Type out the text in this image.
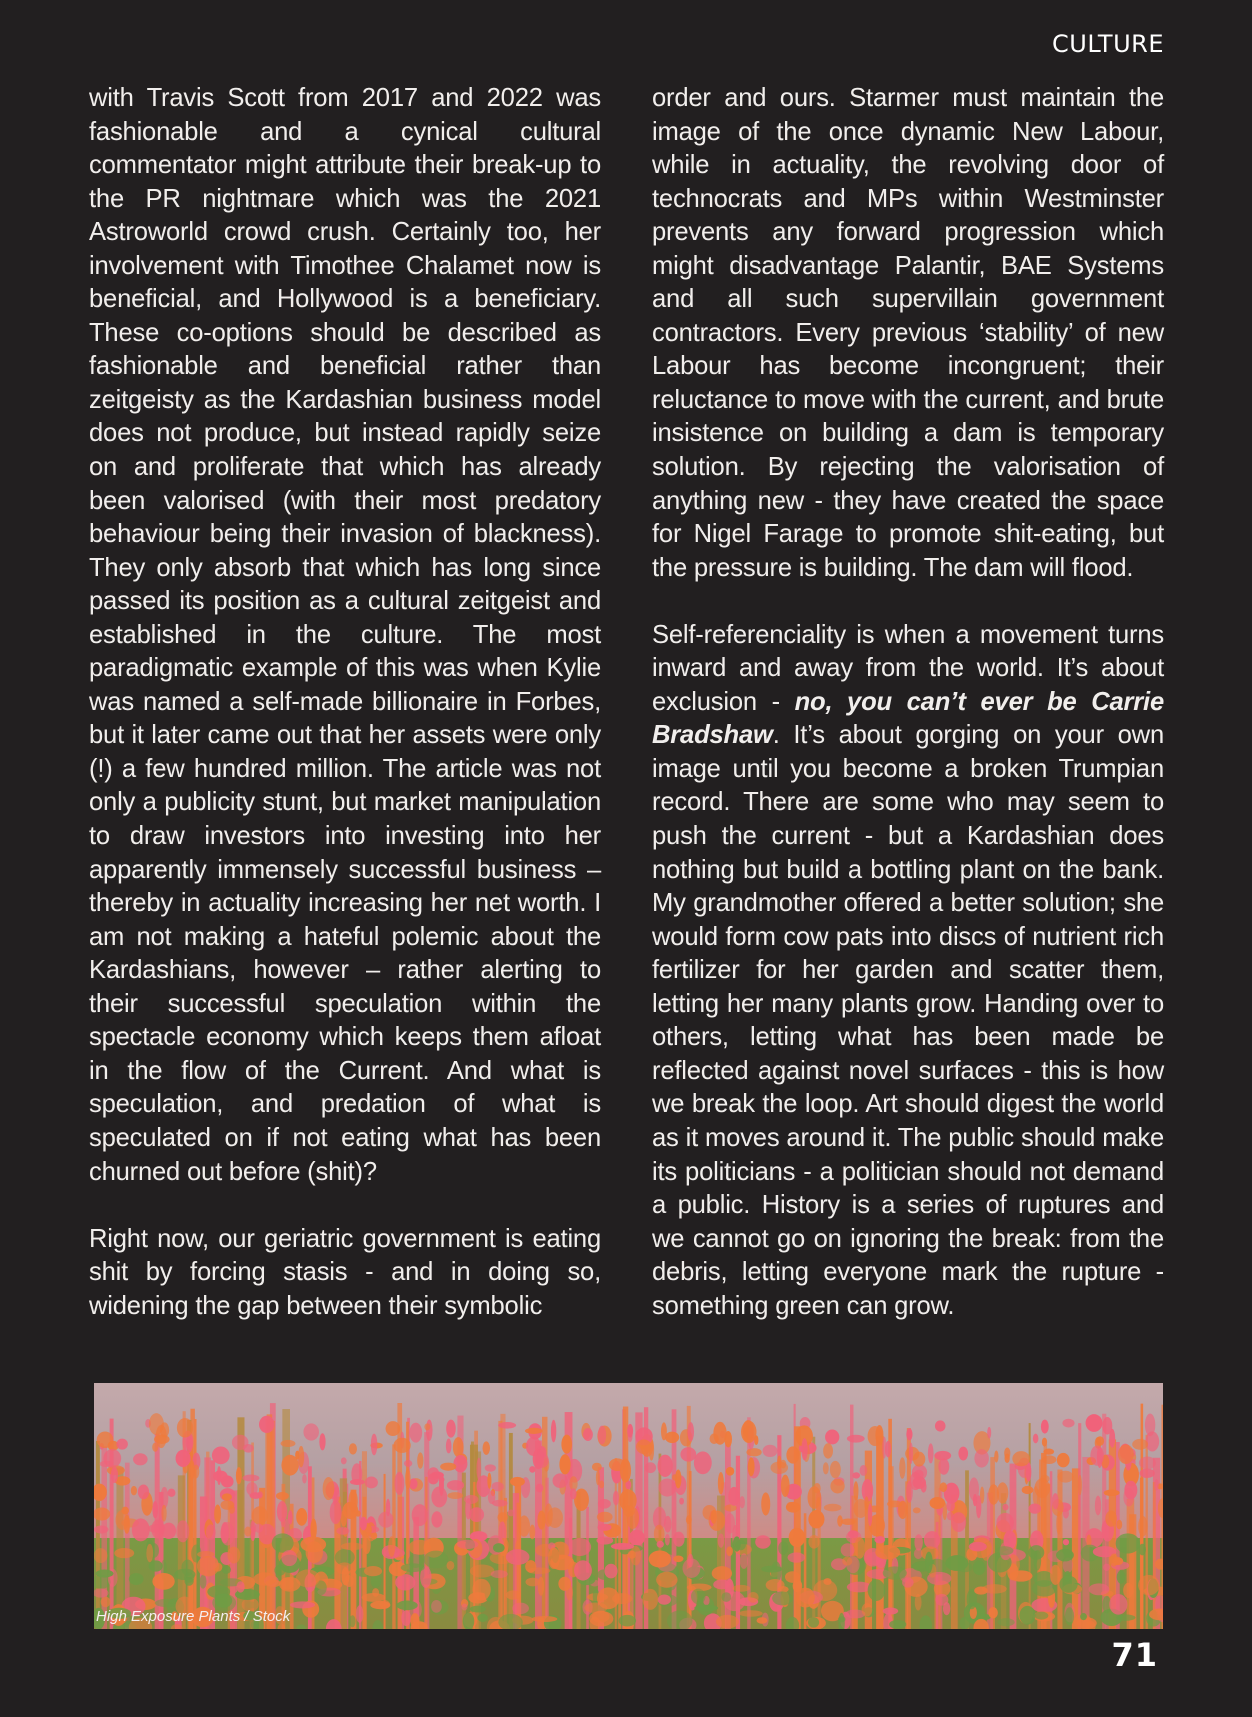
CULTURE

with Travis Scott from 2017 and 2022 was fashionable and a cynical cultural commentator might attribute their break-up to the PR nightmare which was the 2021 Astroworld crowd crush. Certainly too, her involvement with Timothee Chalamet now is beneficial, and Hollywood is a beneficiary. These co-options should be described as fashionable and beneficial rather than zeitgeisty as the Kardashian business model does not produce, but instead rapidly seize on and proliferate that which has already been valorised (with their most predatory behaviour being their invasion of blackness). They only absorb that which has long since passed its position as a cultural zeitgeist and established in the culture. The most paradigmatic example of this was when Kylie was named a self-made billionaire in Forbes, but it later came out that her assets were only (!) a few hundred million. The article was not only a publicity stunt, but market manipulation to draw investors into investing into her apparently immensely successful business – thereby in actuality increasing her net worth. I am not making a hateful polemic about the Kardashians, however – rather alerting to their successful speculation within the spectacle economy which keeps them afloat in the flow of the Current. And what is speculation, and predation of what is speculated on if not eating what has been churned out before (shit)?

Right now, our geriatric government is eating shit by forcing stasis - and in doing so, widening the gap between their symbolic

order and ours. Starmer must maintain the image of the once dynamic New Labour, while in actuality, the revolving door of technocrats and MPs within Westminster prevents any forward progression which might disadvantage Palantir, BAE Systems and all such supervillain government contractors. Every previous ‘stability’ of new Labour has become incongruent; their reluctance to move with the current, and brute insistence on building a dam is temporary solution. By rejecting the valorisation of anything new - they have created the space for Nigel Farage to promote shit-eating, but the pressure is building. The dam will flood.

Self-referenciality is when a movement turns inward and away from the world. It’s about exclusion - no, you can’t ever be Carrie Bradshaw. It’s about gorging on your own image until you become a broken Trumpian record. There are some who may seem to push the current - but a Kardashian does nothing but build a bottling plant on the bank. My grandmother offered a better solution; she would form cow pats into discs of nutrient rich fertilizer for her garden and scatter them, letting her many plants grow. Handing over to others, letting what has been made be reflected against novel surfaces - this is how we break the loop. Art should digest the world as it moves around it. The public should make its politicians - a politician should not demand a public. History is a series of ruptures and we cannot go on ignoring the break: from the debris, letting everyone mark the rupture - something green can grow.

High Exposure Plants / Stock

71
